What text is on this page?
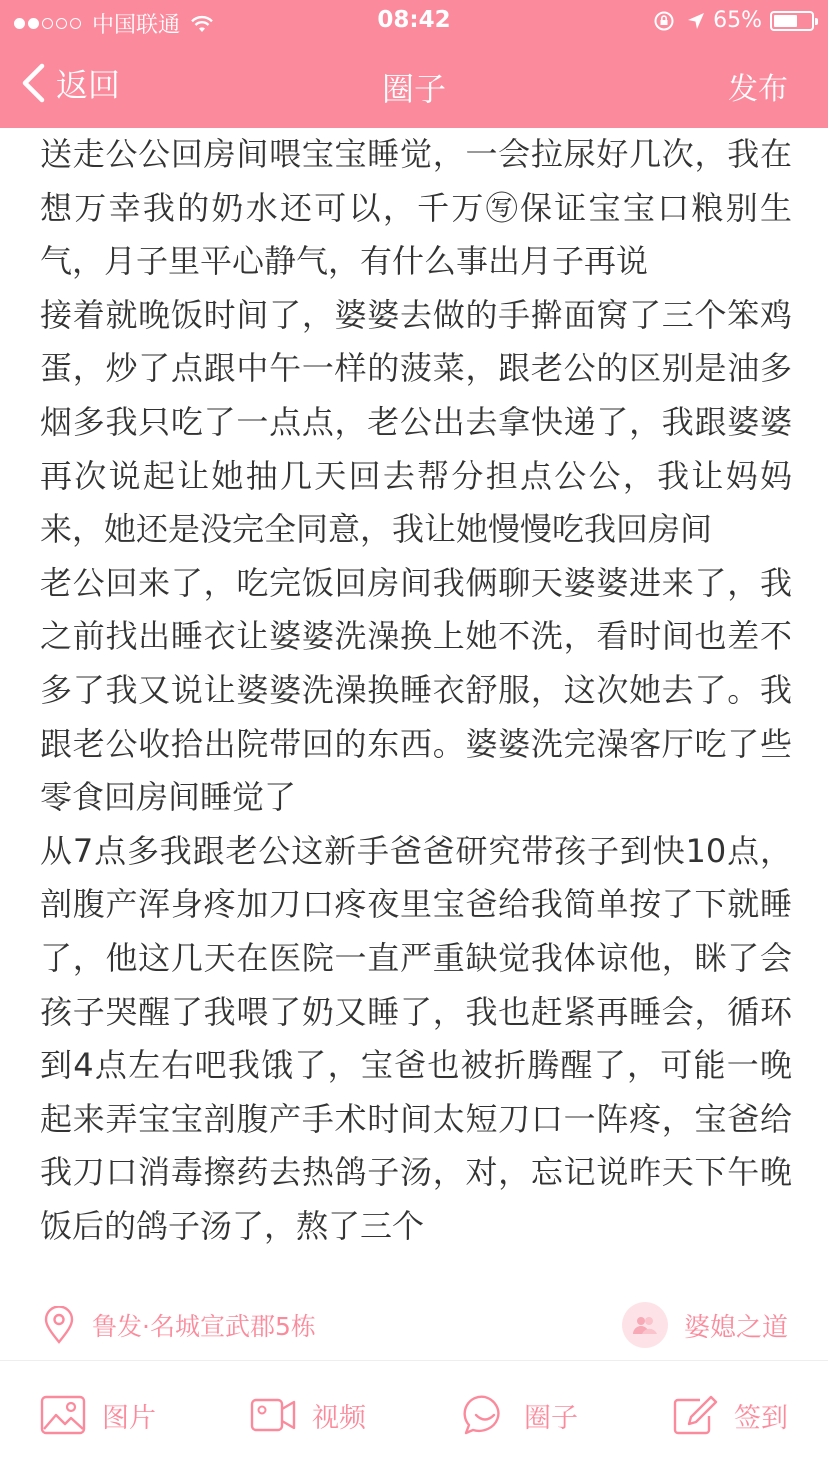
中国联通	08:42	65%
返回	圈子	发布

送走公公回房间喂宝宝睡觉，一会拉尿好几次，我在想万幸我的奶水还可以，千万㊢保证宝宝口粮别生气，月子里平心静气，有什么事出月子再说

接着就晚饭时间了，婆婆去做的手擀面窝了三个笨鸡蛋，炒了点跟中午一样的菠菜，跟老公的区别是油多烟多我只吃了一点点，老公出去拿快递了，我跟婆婆再次说起让她抽几天回去帮分担点公公，我让妈妈来，她还是没完全同意，我让她慢慢吃我回房间

老公回来了，吃完饭回房间我俩聊天婆婆进来了，我之前找出睡衣让婆婆洗澡换上她不洗，看时间也差不多了我又说让婆婆洗澡换睡衣舒服，这次她去了。我跟老公收拾出院带回的东西。婆婆洗完澡客厅吃了些零食回房间睡觉了

从7点多我跟老公这新手爸爸研究带孩子到快10点，剖腹产浑身疼加刀口疼夜里宝爸给我简单按了下就睡了，他这几天在医院一直严重缺觉我体谅他，眯了会孩子哭醒了我喂了奶又睡了，我也赶紧再睡会，循环到4点左右吧我饿了，宝爸也被折腾醒了，可能一晚起来弄宝宝剖腹产手术时间太短刀口一阵疼，宝爸给我刀口消毒擦药去热鸽子汤，对，忘记说昨天下午晚饭后的鸽子汤了，熬了三个

鲁发·名城宣武郡5栋	婆媳之道
图片	视频	圈子	签到
